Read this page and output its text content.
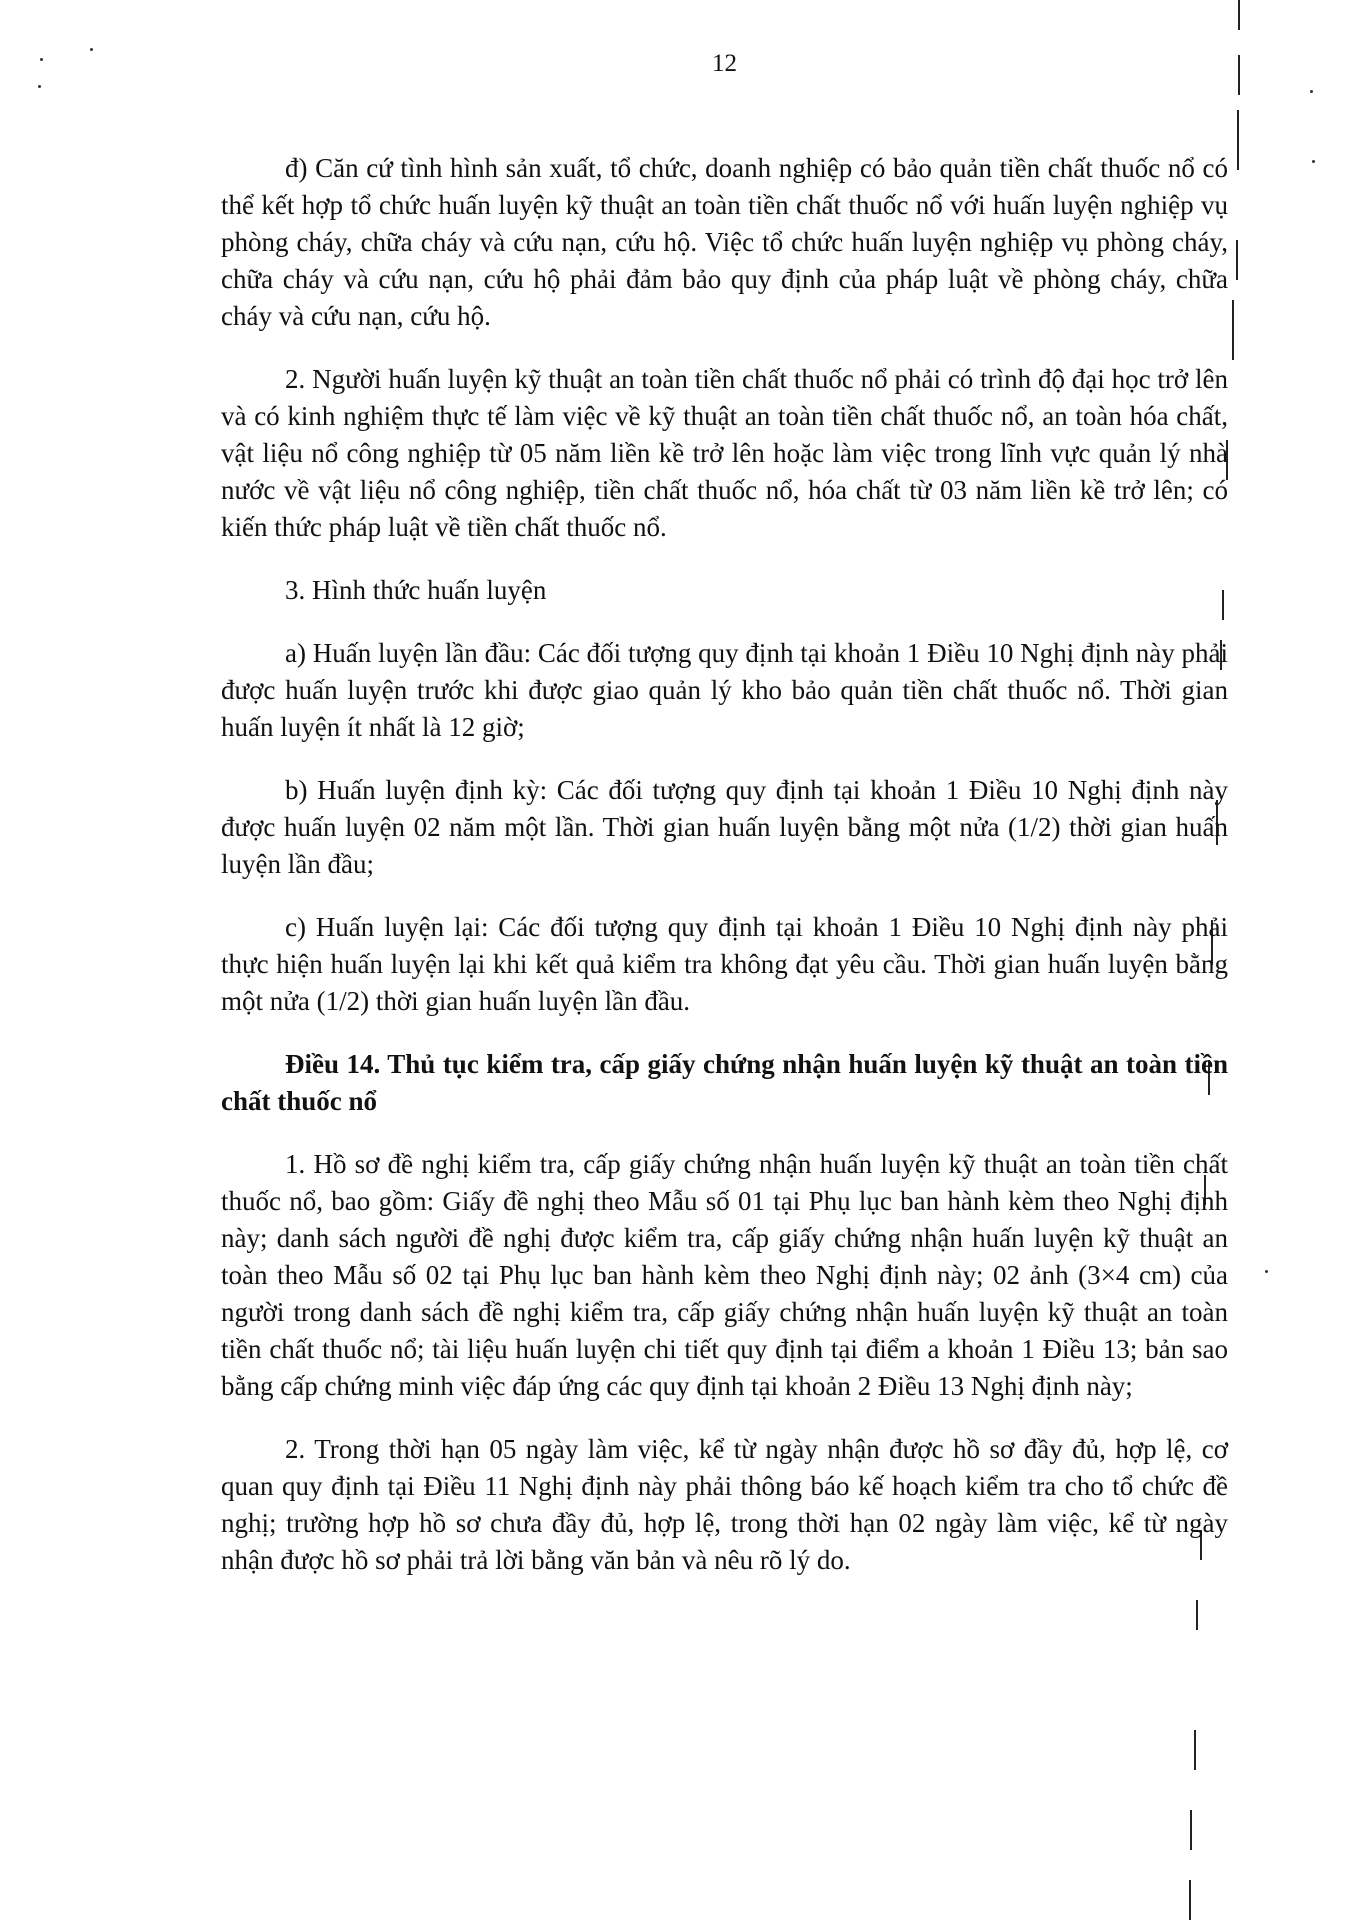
12

đ) Căn cứ tình hình sản xuất, tổ chức, doanh nghiệp có bảo quản tiền chất thuốc nổ có thể kết hợp tổ chức huấn luyện kỹ thuật an toàn tiền chất thuốc nổ với huấn luyện nghiệp vụ phòng cháy, chữa cháy và cứu nạn, cứu hộ. Việc tổ chức huấn luyện nghiệp vụ phòng cháy, chữa cháy và cứu nạn, cứu hộ phải đảm bảo quy định của pháp luật về phòng cháy, chữa cháy và cứu nạn, cứu hộ.

2. Người huấn luyện kỹ thuật an toàn tiền chất thuốc nổ phải có trình độ đại học trở lên và có kinh nghiệm thực tế làm việc về kỹ thuật an toàn tiền chất thuốc nổ, an toàn hóa chất, vật liệu nổ công nghiệp từ 05 năm liền kề trở lên hoặc làm việc trong lĩnh vực quản lý nhà nước về vật liệu nổ công nghiệp, tiền chất thuốc nổ, hóa chất từ 03 năm liền kề trở lên; có kiến thức pháp luật về tiền chất thuốc nổ.

3. Hình thức huấn luyện

a) Huấn luyện lần đầu: Các đối tượng quy định tại khoản 1 Điều 10 Nghị định này phải được huấn luyện trước khi được giao quản lý kho bảo quản tiền chất thuốc nổ. Thời gian huấn luyện ít nhất là 12 giờ;

b) Huấn luyện định kỳ: Các đối tượng quy định tại khoản 1 Điều 10 Nghị định này được huấn luyện 02 năm một lần. Thời gian huấn luyện bằng một nửa (1/2) thời gian huấn luyện lần đầu;

c) Huấn luyện lại: Các đối tượng quy định tại khoản 1 Điều 10 Nghị định này phải thực hiện huấn luyện lại khi kết quả kiểm tra không đạt yêu cầu. Thời gian huấn luyện bằng một nửa (1/2) thời gian huấn luyện lần đầu.

Điều 14. Thủ tục kiểm tra, cấp giấy chứng nhận huấn luyện kỹ thuật an toàn tiền chất thuốc nổ

1. Hồ sơ đề nghị kiểm tra, cấp giấy chứng nhận huấn luyện kỹ thuật an toàn tiền chất thuốc nổ, bao gồm: Giấy đề nghị theo Mẫu số 01 tại Phụ lục ban hành kèm theo Nghị định này; danh sách người đề nghị được kiểm tra, cấp giấy chứng nhận huấn luyện kỹ thuật an toàn theo Mẫu số 02 tại Phụ lục ban hành kèm theo Nghị định này; 02 ảnh (3×4 cm) của người trong danh sách đề nghị kiểm tra, cấp giấy chứng nhận huấn luyện kỹ thuật an toàn tiền chất thuốc nổ; tài liệu huấn luyện chi tiết quy định tại điểm a khoản 1 Điều 13; bản sao bằng cấp chứng minh việc đáp ứng các quy định tại khoản 2 Điều 13 Nghị định này;

2. Trong thời hạn 05 ngày làm việc, kể từ ngày nhận được hồ sơ đầy đủ, hợp lệ, cơ quan quy định tại Điều 11 Nghị định này phải thông báo kế hoạch kiểm tra cho tổ chức đề nghị; trường hợp hồ sơ chưa đầy đủ, hợp lệ, trong thời hạn 02 ngày làm việc, kể từ ngày nhận được hồ sơ phải trả lời bằng văn bản và nêu rõ lý do.
